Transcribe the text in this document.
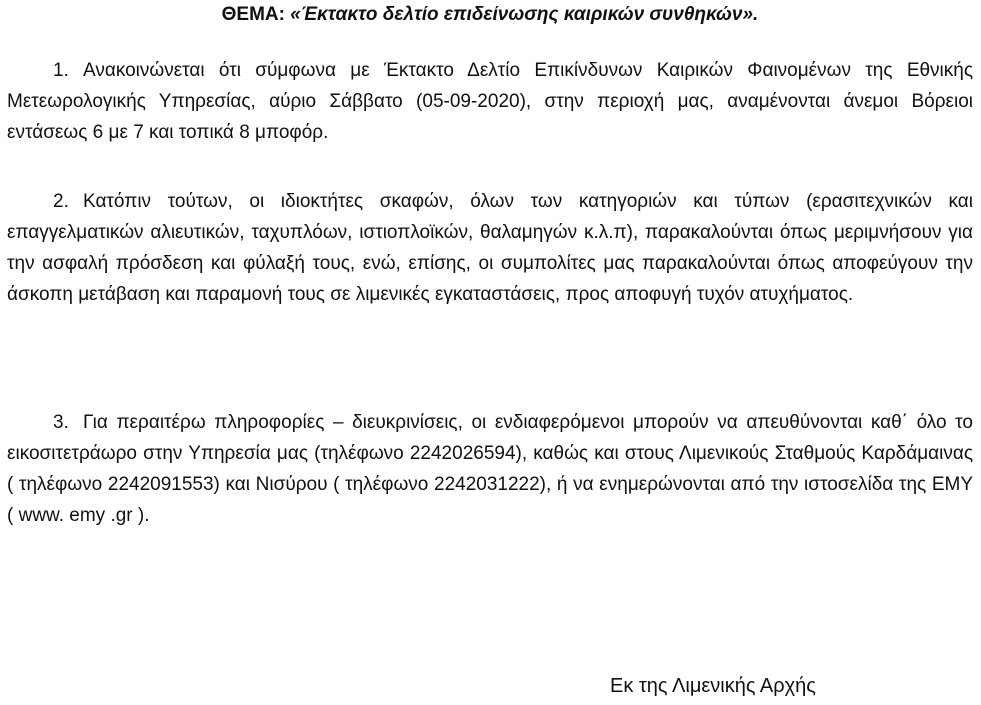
ΘΕΜΑ: «Έκτακτο δελτίο επιδείνωσης καιρικών συνθηκών».

1. Ανακοινώνεται ότι σύμφωνα με Έκτακτο Δελτίο Επικίνδυνων Καιρικών Φαινομένων της Εθνικής Μετεωρολογικής Υπηρεσίας, αύριο Σάββατο (05-09-2020), στην περιοχή μας, αναμένονται άνεμοι Βόρειοι εντάσεως 6 με 7 και τοπικά 8 μποφόρ.

2. Κατόπιν τούτων, οι ιδιοκτήτες σκαφών, όλων των κατηγοριών και τύπων (ερασιτεχνικών και επαγγελματικών αλιευτικών, ταχυπλόων, ιστιοπλοϊκών, θαλαμηγών κ.λ.π), παρακαλούνται όπως μεριμνήσουν για την ασφαλή πρόσδεση και φύλαξή τους, ενώ, επίσης, οι συμπολίτες μας παρακαλούνται όπως αποφεύγουν την άσκοπη μετάβαση και παραμονή τους σε λιμενικές εγκαταστάσεις, προς αποφυγή τυχόν ατυχήματος.

3. Για περαιτέρω πληροφορίες – διευκρινίσεις, οι ενδιαφερόμενοι μπορούν να απευθύνονται καθ΄ όλο το εικοσιτετράωρο στην Υπηρεσία μας (τηλέφωνο 2242026594), καθώς και στους Λιμενικούς Σταθμούς Καρδάμαινας ( τηλέφωνο 2242091553) και Νισύρου ( τηλέφωνο 2242031222), ή να ενημερώνονται από την ιστοσελίδα της ΕΜΥ ( www. emy .gr ).

Εκ της Λιμενικής Αρχής
